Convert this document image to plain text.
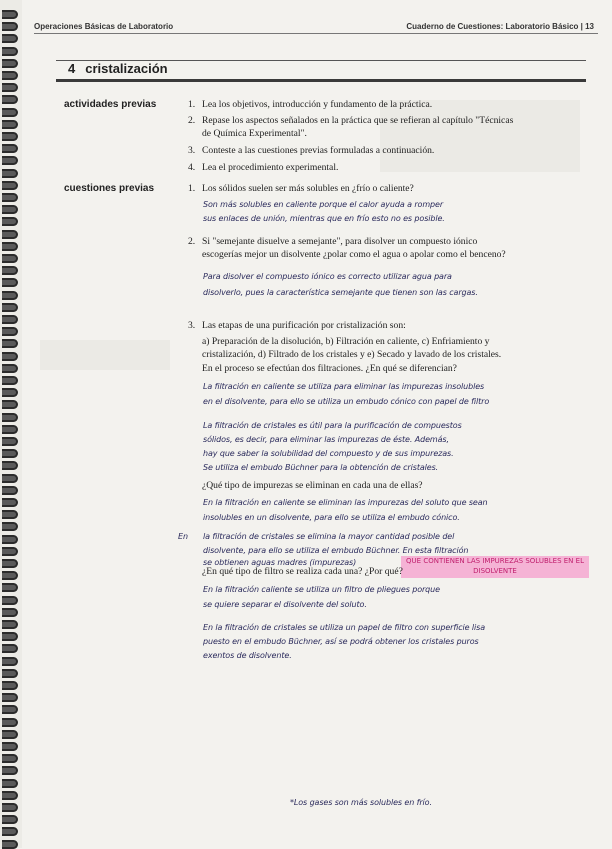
Operaciones Básicas de Laboratorio	Cuaderno de Cuestiones: Laboratorio Básico | 13
4 cristalización
actividades previas	1. Lea los objetivos, introducción y fundamento de la práctica.
2. Repase los aspectos señalados en la práctica que se refieran al capítulo "Técnicas
de Química Experimental".
3. Conteste a las cuestiones previas formuladas a continuación.
4. Lea el procedimiento experimental.
cuestiones previas	1. Los sólidos suelen ser más solubles en ¿frío o caliente?
Son más solubles en caliente porque el calor ayuda a romper
sus enlaces de unión, mientras que en frío esto no es posible.
2. Si "semejante disuelve a semejante", para disolver un compuesto iónico
escogerías mejor un disolvente ¿polar como el agua o apolar como el benceno?
Para disolver el compuesto iónico es correcto utilizar agua para
disolverlo, pues la característica semejante que tienen son las cargas.
3. Las etapas de una purificación por cristalización son:
a) Preparación de la disolución, b) Filtración en caliente, c) Enfriamiento y
cristalización, d) Filtrado de los cristales y e) Secado y lavado de los cristales.
En el proceso se efectúan dos filtraciones. ¿En qué se diferencian?
La filtración en caliente se utiliza para eliminar las impurezas insolubles
en el disolvente, para ello se utiliza un embudo cónico con papel de filtro
La filtración de cristales es útil para la purificación de compuestos
sólidos, es decir, para eliminar las impurezas de éste. Además,
hay que saber la solubilidad del compuesto y de sus impurezas.
Se utiliza el embudo Büchner para la obtención de cristales.
¿Qué tipo de impurezas se eliminan en cada una de ellas?
En la filtración en caliente se eliminan las impurezas del soluto que sean
insolubles en un disolvente, para ello se utiliza el embudo cónico.
En la filtración de cristales se elimina la mayor cantidad posible del
disolvente, para ello se utiliza el embudo Büchner. En esta filtración
se obtienen aguas madres (impurezas)	QUE CONTIENEN LAS IMPUREZAS SOLUBLES EN EL DISOLVENTE
¿En qué tipo de filtro se realiza cada una? ¿Por qué?
En la filtración caliente se utiliza un filtro de pliegues porque
se quiere separar el disolvente del soluto.
En la filtración de cristales se utiliza un papel de filtro con superficie lisa
puesto en el embudo Büchner, así se podrá obtener los cristales puros
exentos de disolvente.
*Los gases son más solubles en frío.
